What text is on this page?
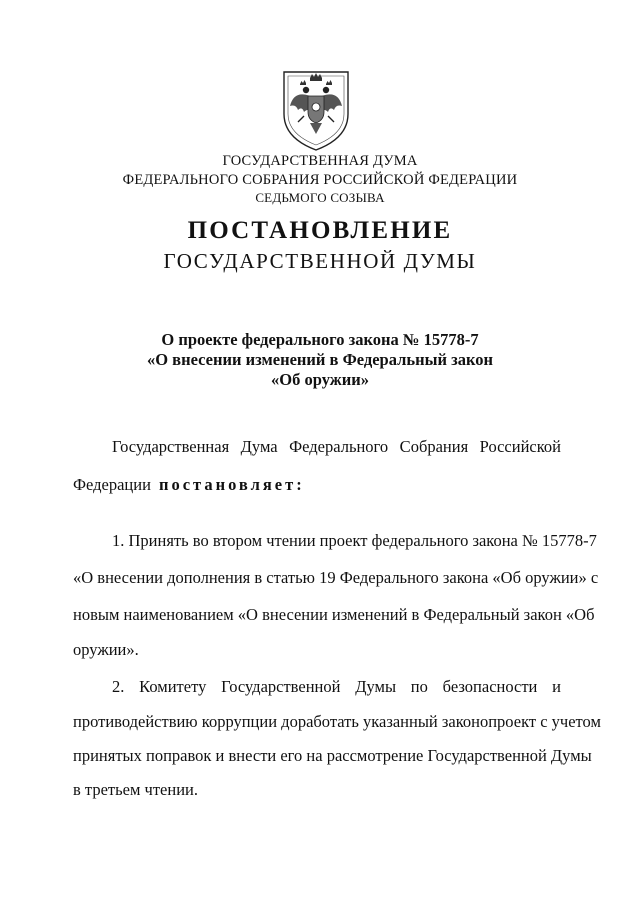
ГОСУДАРСТВЕННАЯ ДУМА
ФЕДЕРАЛЬНОГО СОБРАНИЯ РОССИЙСКОЙ ФЕДЕРАЦИИ
СЕДЬМОГО СОЗЫВА
ПОСТАНОВЛЕНИЕ
ГОСУДАРСТВЕННОЙ ДУМЫ
О проекте федерального закона № 15778-7
«О внесении изменений в Федеральный закон
«Об оружии»
Государственная Дума Федерального Собрания Российской
Федерации постановляет:
1. Принять во втором чтении проект федерального закона № 15778-7
«О внесении дополнения в статью 19 Федерального закона «Об оружии» с
новым наименованием «О внесении изменений в Федеральный закон «Об
оружии».
2. Комитету Государственной Думы по безопасности и
противодействию коррупции доработать указанный законопроект с учетом
принятых поправок и внести его на рассмотрение Государственной Думы
в третьем чтении.
